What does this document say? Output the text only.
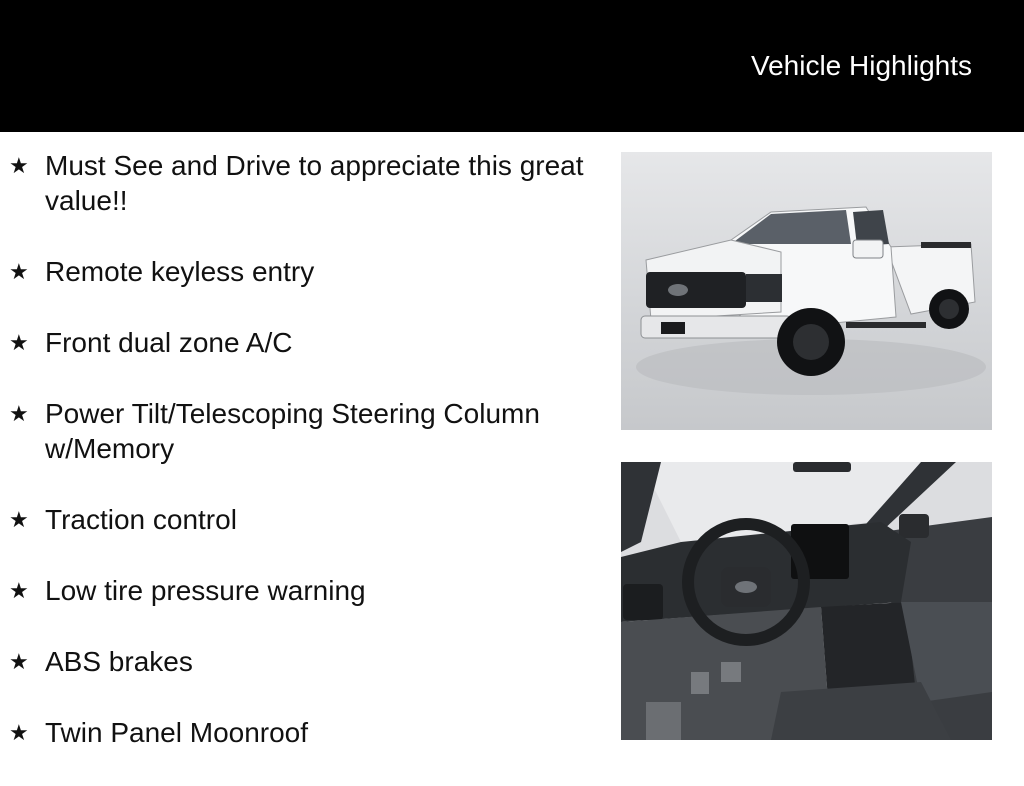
Vehicle Highlights
★ Must See and Drive to appreciate this great value!!
★ Remote keyless entry
★ Front dual zone A/C
★ Power Tilt/Telescoping Steering Column w/Memory
★ Traction control
★ Low tire pressure warning
★ ABS brakes
★ Twin Panel Moonroof
